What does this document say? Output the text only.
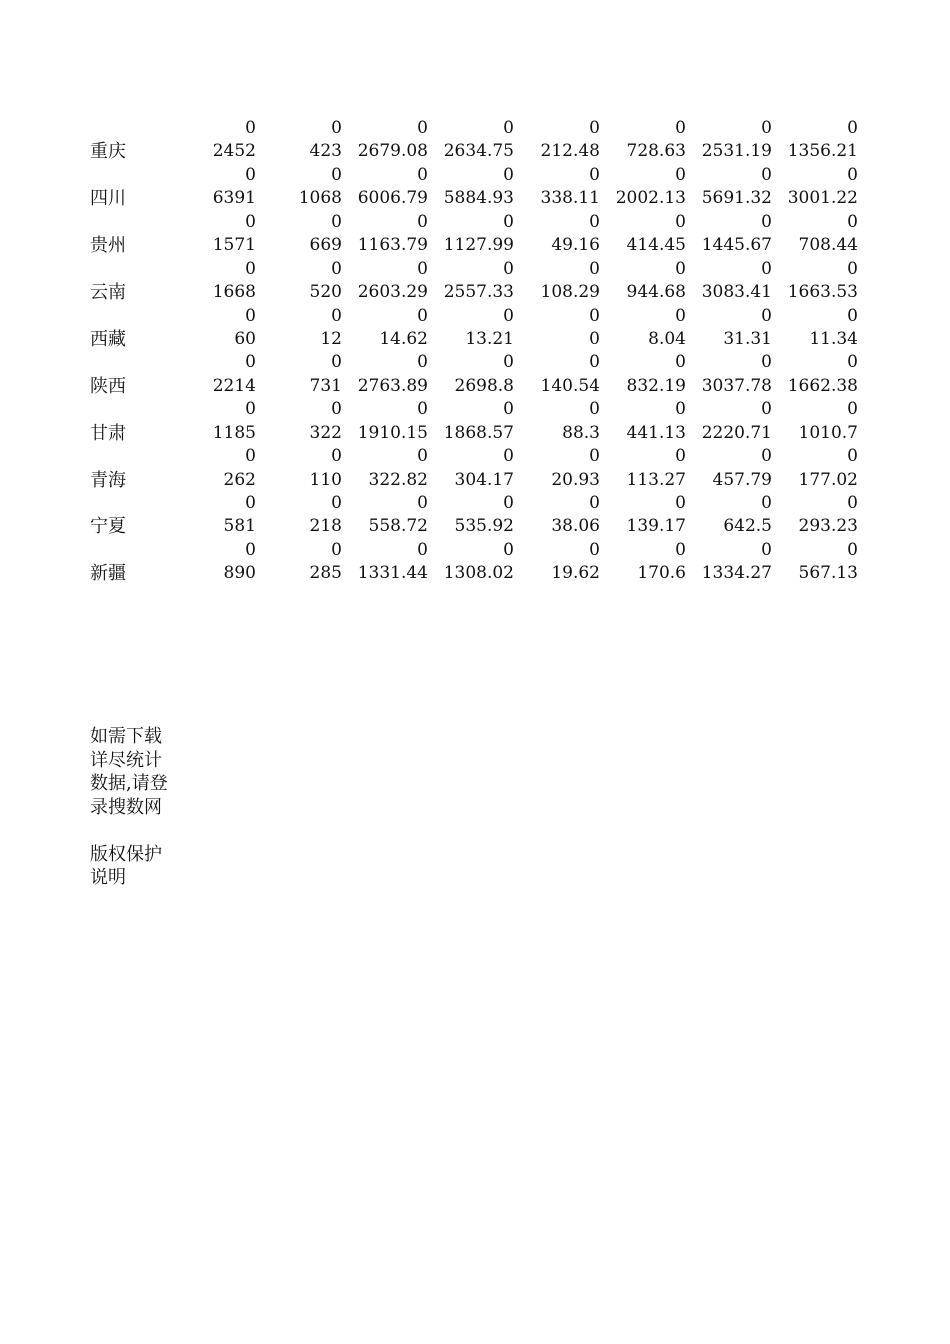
0	0	0	0	0	0	0	0
重庆	2452	423 2679.08 2634.75	212.48	728.63 2531.19 1356.21
0	0	0	0	0	0	0	0
四川	6391	1068 6006.79 5884.93	338.11 2002.13 5691.32 3001.22
0	0	0	0	0	0	0	0
贵州	1571	669 1163.79 1127.99	49.16	414.45 1445.67	708.44
0	0	0	0	0	0	0	0
云南	1668	520 2603.29 2557.33	108.29	944.68 3083.41 1663.53
0	0	0	0	0	0	0	0
西藏	60	12	14.62	13.21	0	8.04	31.31	11.34
0	0	0	0	0	0	0	0
陕西	2214	731 2763.89	2698.8	140.54	832.19 3037.78 1662.38
0	0	0	0	0	0	0	0
甘肃	1185	322 1910.15 1868.57	88.3	441.13 2220.71	1010.7
0	0	0	0	0	0	0	0
青海	262	110	322.82	304.17	20.93	113.27	457.79	177.02
0	0	0	0	0	0	0	0
宁夏	581	218	558.72	535.92	38.06	139.17	642.5	293.23
0	0	0	0	0	0	0	0
新疆	890	285 1331.44 1308.02	19.62	170.6 1334.27	567.13
如需下载详尽统计数据,请登录搜数网
版权保护说明
